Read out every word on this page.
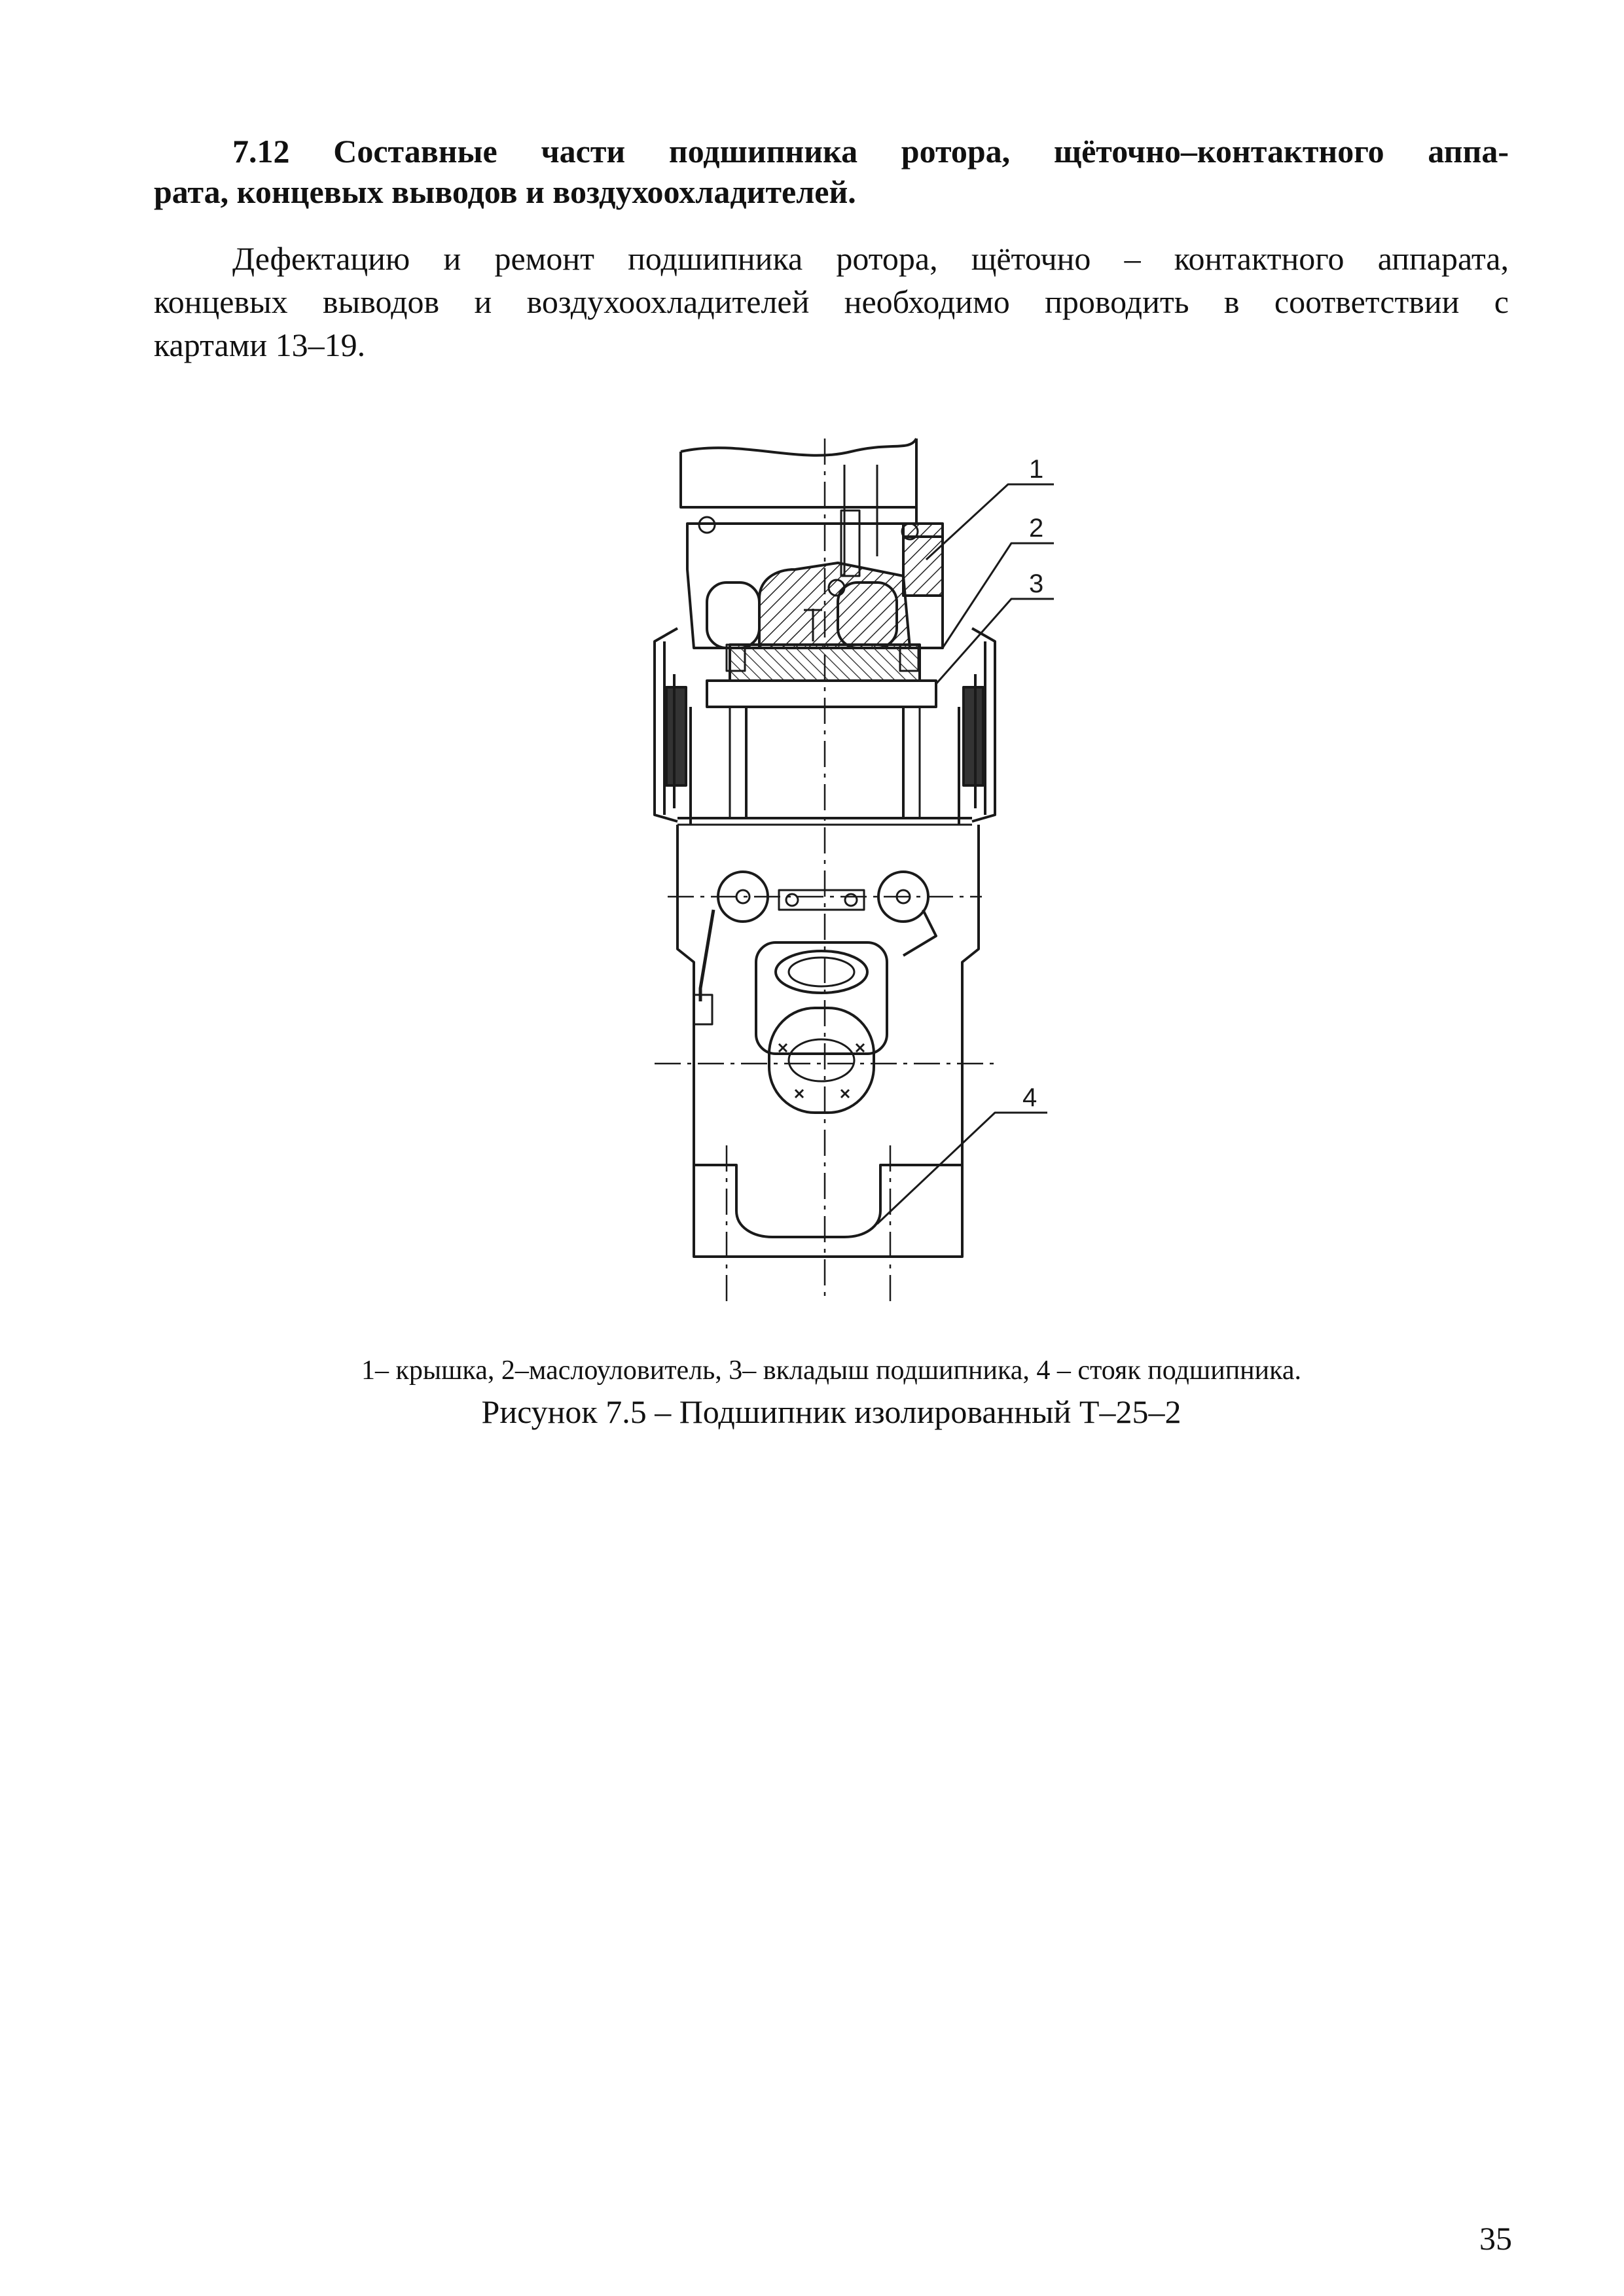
7.12 Составные части подшипника ротора, щёточно–контактного аппа-
рата, концевых выводов и воздухоохладителей.
Дефектацию и ремонт подшипника ротора, щёточно – контактного аппарата,
концевых выводов и воздухоохладителей необходимо проводить в соответствии с
картами 13–19.
1
2
3
4
1– крышка, 2–маслоуловитель, 3– вкладыш подшипника, 4 – стояк подшипника.
Рисунок 7.5 – Подшипник изолированный Т–25–2
35
